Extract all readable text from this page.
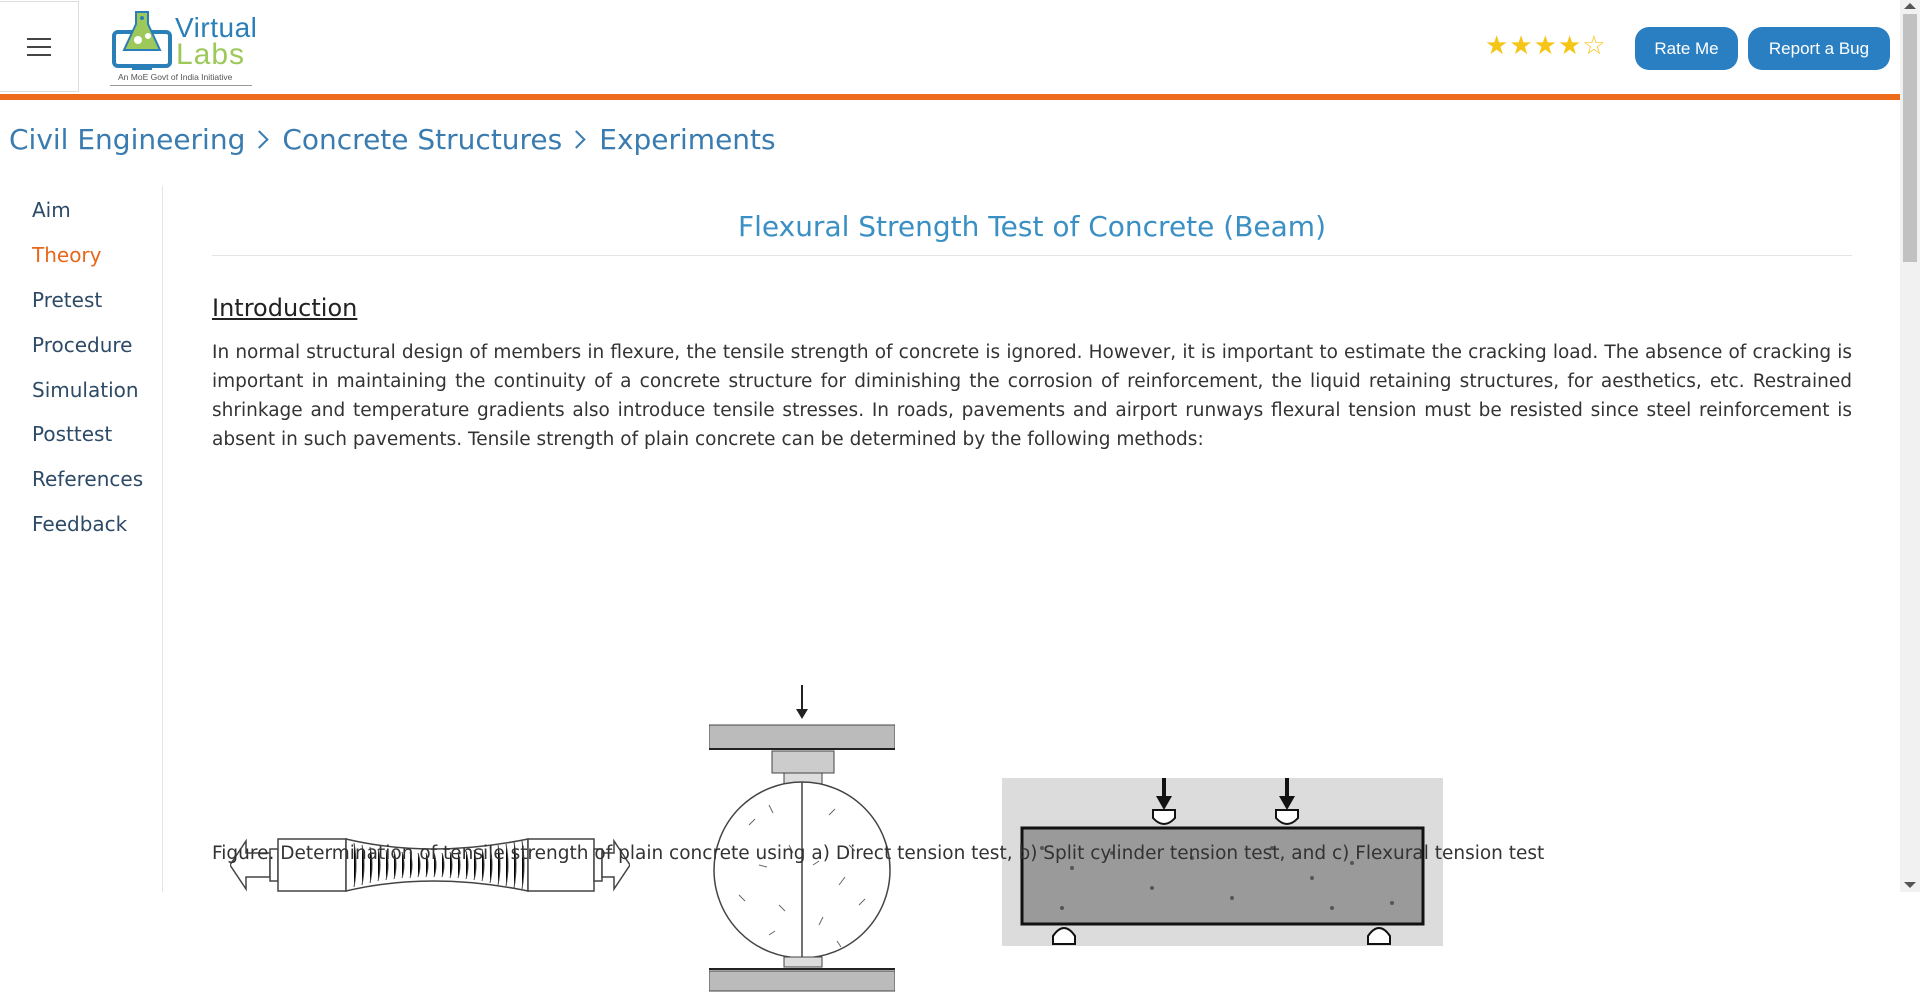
Virtual
Labs
An MoE Govt of India Initiative
★ ★ ★ ★ ☆	Rate Me	Report a Bug
Civil Engineering Concrete Structures Experiments
Aim
Theory
Pretest
Procedure
Simulation
Posttest
References
Feedback
Flexural Strength Test of Concrete (Beam)
Introduction
In normal structural design of members in flexure, the tensile strength of concrete is ignored. However, it is important to estimate the cracking load. The absence of cracking is important in maintaining the continuity of a concrete structure for diminishing the corrosion of reinforcement, the liquid retaining structures, for aesthetics, etc. Restrained shrinkage and temperature gradients also introduce tensile stresses. In roads, pavements and airport runways flexural tension must be resisted since steel reinforcement is absent in such pavements. Tensile strength of plain concrete can be determined by the following methods:
Figure. Determination of tensile strength of plain concrete using a) Direct tension test, b) Split cylinder tension test, and c) Flexural tension test
